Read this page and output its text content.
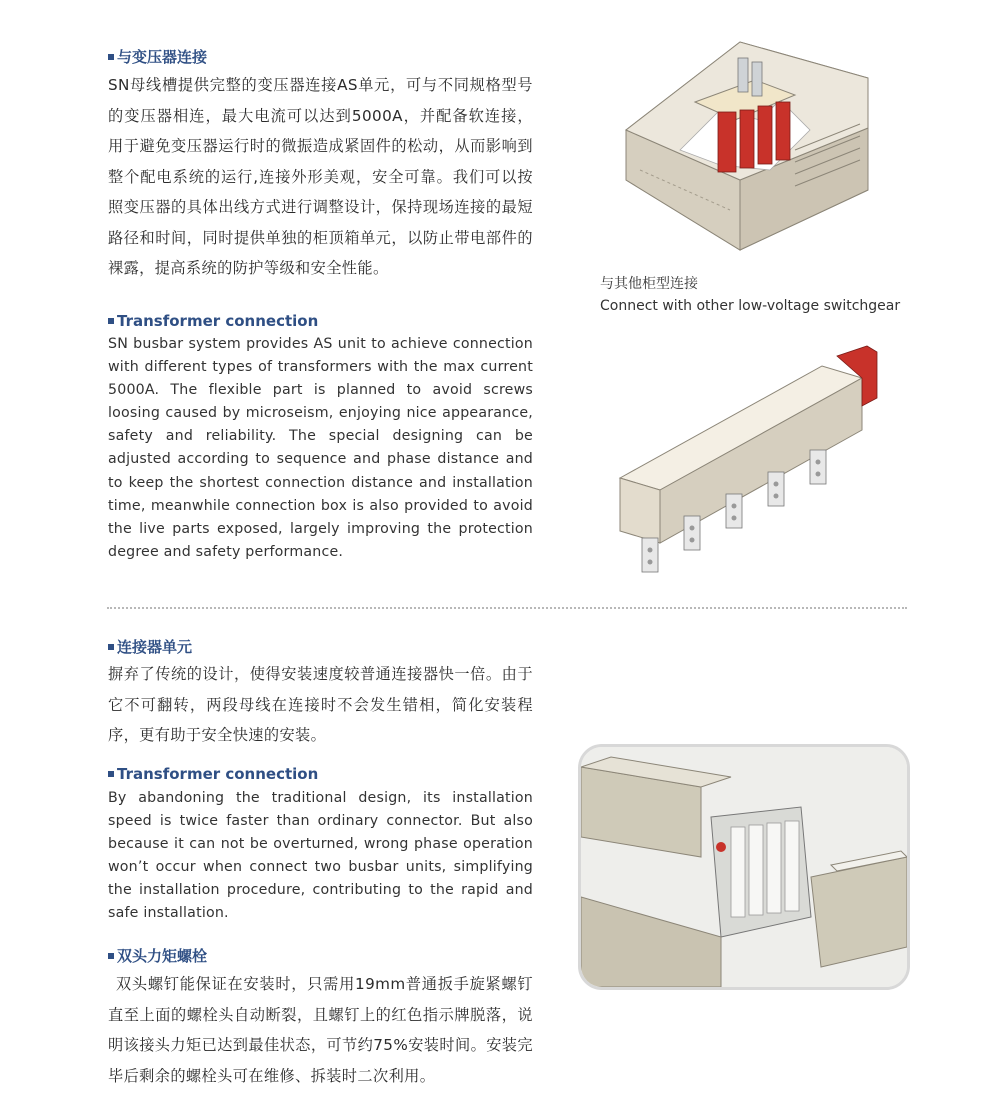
与变压器连接
SN母线槽提供完整的变压器连接AS单元，可与不同规格型号的变压器相连，最大电流可以达到5000A，并配备软连接，用于避免变压器运行时的微振造成紧固件的松动，从而影响到整个配电系统的运行,连接外形美观，安全可靠。我们可以按照变压器的具体出线方式进行调整设计，保持现场连接的最短路径和时间，同时提供单独的柜顶箱单元，以防止带电部件的裸露，提高系统的防护等级和安全性能。
Transformer connection
SN busbar system provides AS unit to achieve connection with different types of transformers with the max current 5000A. The flexible part is planned to avoid screws loosing caused by microseism, enjoying nice appearance, safety and reliability. The special designing can be adjusted according to sequence and phase distance and to keep the shortest connection distance and installation time, meanwhile connection box is also provided to avoid the live parts exposed, largely improving the protection degree and safety performance.
与其他柜型连接
Connect with other low-voltage switchgear
连接器单元
摒弃了传统的设计，使得安装速度较普通连接器快一倍。由于它不可翻转，两段母线在连接时不会发生错相，简化安装程序，更有助于安全快速的安装。
Transformer connection
By abandoning the traditional design, its installation speed is twice faster than ordinary connector. But also because it can not be overturned, wrong phase operation won’t occur when connect two busbar units, simplifying the installation procedure, contributing to the rapid and safe installation.
双头力矩螺栓
双头螺钉能保证在安装时，只需用19mm普通扳手旋紧螺钉直至上面的螺栓头自动断裂，且螺钉上的红色指示牌脱落，说明该接头力矩已达到最佳状态，可节约75%安装时间。安装完毕后剩余的螺栓头可在维修、拆装时二次利用。
